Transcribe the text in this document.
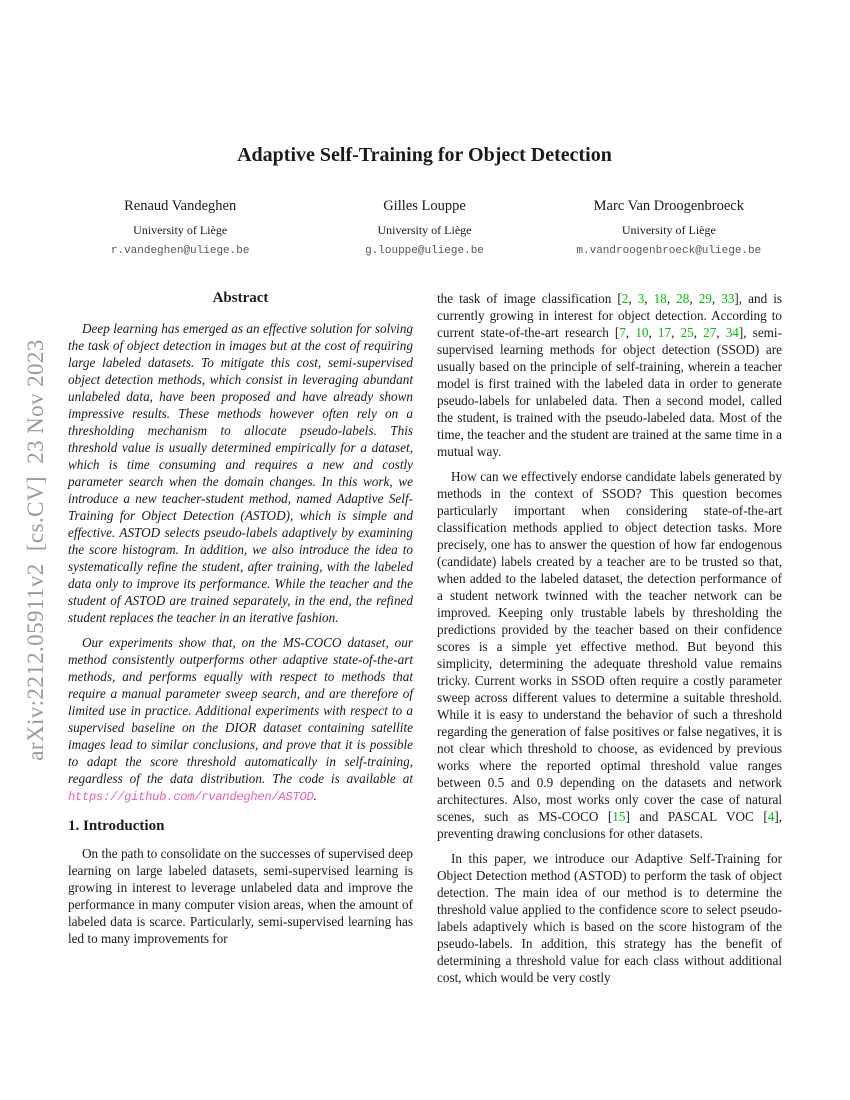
arXiv:2212.05911v2  [cs.CV]  23 Nov 2023
Adaptive Self-Training for Object Detection
Renaud Vandeghen
University of Liège
r.vandeghen@uliege.be
Gilles Louppe
University of Liège
g.louppe@uliege.be
Marc Van Droogenbroeck
University of Liège
m.vandroogenbroeck@uliege.be
Abstract

Deep learning has emerged as an effective solution for solving the task of object detection in images but at the cost of requiring large labeled datasets. To mitigate this cost, semi-supervised object detection methods, which consist in leveraging abundant unlabeled data, have been proposed and have already shown impressive results. These methods however often rely on a thresholding mechanism to allocate pseudo-labels. This threshold value is usually determined empirically for a dataset, which is time consuming and requires a new and costly parameter search when the domain changes. In this work, we introduce a new teacher-student method, named Adaptive Self-Training for Object Detection (ASTOD), which is simple and effective. ASTOD selects pseudo-labels adaptively by examining the score histogram. In addition, we also introduce the idea to systematically refine the student, after training, with the labeled data only to improve its performance. While the teacher and the student of ASTOD are trained separately, in the end, the refined student replaces the teacher in an iterative fashion.

Our experiments show that, on the MS-COCO dataset, our method consistently outperforms other adaptive state-of-the-art methods, and performs equally with respect to methods that require a manual parameter sweep search, and are therefore of limited use in practice. Additional experiments with respect to a supervised baseline on the DIOR dataset containing satellite images lead to similar conclusions, and prove that it is possible to adapt the score threshold automatically in self-training, regardless of the data distribution. The code is available at https://github.com/rvandeghen/ASTOD.

1. Introduction

On the path to consolidate on the successes of supervised deep learning on large labeled datasets, semi-supervised learning is growing in interest to leverage unlabeled data and improve the performance in many computer vision areas, when the amount of labeled data is scarce. Particularly, semi-supervised learning has led to many improvements for

the task of image classification [2, 3, 18, 28, 29, 33], and is currently growing in interest for object detection. According to current state-of-the-art research [7, 10, 17, 25, 27, 34], semi-supervised learning methods for object detection (SSOD) are usually based on the principle of self-training, wherein a teacher model is first trained with the labeled data in order to generate pseudo-labels for unlabeled data. Then a second model, called the student, is trained with the pseudo-labeled data. Most of the time, the teacher and the student are trained at the same time in a mutual way.

How can we effectively endorse candidate labels generated by methods in the context of SSOD? This question becomes particularly important when considering state-of-the-art classification methods applied to object detection tasks. More precisely, one has to answer the question of how far endogenous (candidate) labels created by a teacher are to be trusted so that, when added to the labeled dataset, the detection performance of a student network twinned with the teacher network can be improved. Keeping only trustable labels by thresholding the predictions provided by the teacher based on their confidence scores is a simple yet effective method. But beyond this simplicity, determining the adequate threshold value remains tricky. Current works in SSOD often require a costly parameter sweep across different values to determine a suitable threshold. While it is easy to understand the behavior of such a threshold regarding the generation of false positives or false negatives, it is not clear which threshold to choose, as evidenced by previous works where the reported optimal threshold value ranges between 0.5 and 0.9 depending on the datasets and network architectures. Also, most works only cover the case of natural scenes, such as MS-COCO [15] and PASCAL VOC [4], preventing drawing conclusions for other datasets.

In this paper, we introduce our Adaptive Self-Training for Object Detection method (ASTOD) to perform the task of object detection. The main idea of our method is to determine the threshold value applied to the confidence score to select pseudo-labels adaptively which is based on the score histogram of the pseudo-labels. In addition, this strategy has the benefit of determining a threshold value for each class without additional cost, which would be very costly
